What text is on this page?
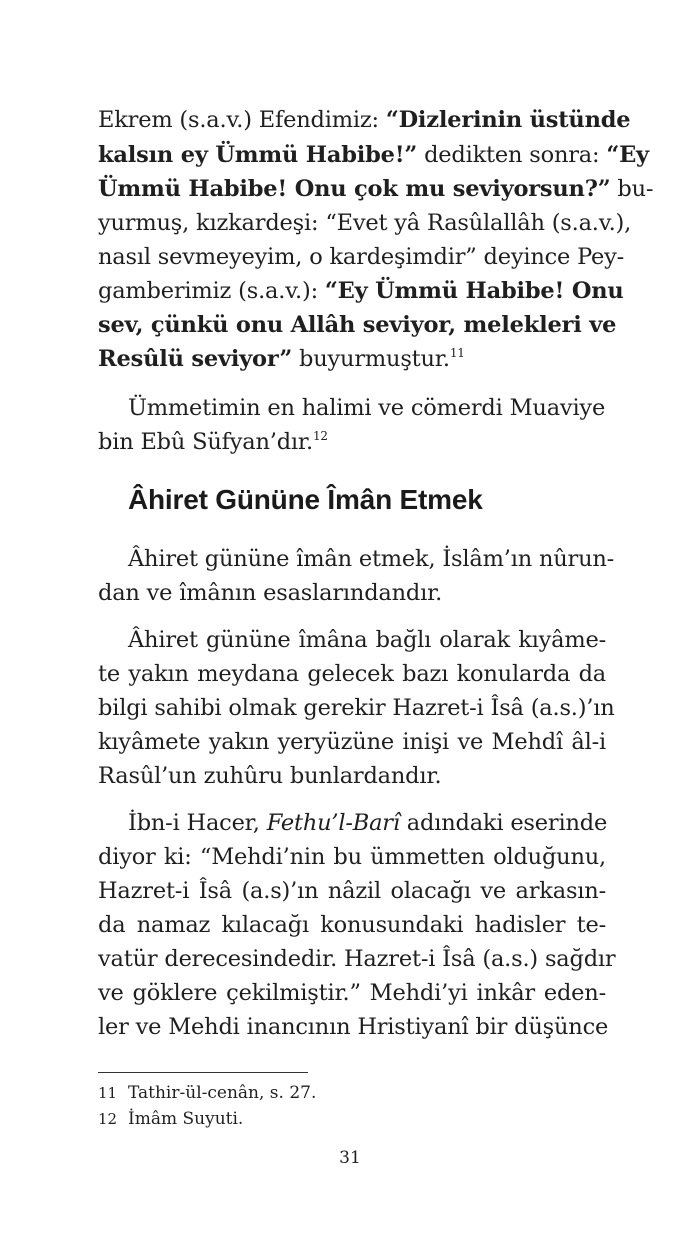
Ekrem (s.a.v.) Efendimiz: “Dizlerinin üstünde
kalsın ey Ümmü Habibe!” dedikten sonra: “Ey
Ümmü Habibe! Onu çok mu seviyorsun?” bu-
yurmuş, kızkardeşi: “Evet yâ Rasûlallâh (s.a.v.),
nasıl sevmeyeyim, o kardeşimdir” deyince Pey-
gamberimiz (s.a.v.): “Ey Ümmü Habibe! Onu
sev, çünkü onu Allâh seviyor, melekleri ve
Resûlü seviyor” buyurmuştur.$^{11}$
Ümmetimin en halimi ve cömerdi Muaviye
bin Ebû Süfyan’dır.$^{12}$
Âhiret Gününe Îmân Etmek
Âhiret gününe îmân etmek, İslâm’ın nûrun-
dan ve îmânın esaslarındandır.
Âhiret gününe îmâna bağlı olarak kıyâme-
te yakın meydana gelecek bazı konularda da
bilgi sahibi olmak gerekir Hazret-i Îsâ (a.s.)’ın
kıyâmete yakın yeryüzüne inişi ve Mehdî âl-i
Rasûl’un zuhûru bunlardandır.
İbn-i Hacer, Fethu’l-Barî adındaki eserinde
diyor ki: “Mehdi’nin bu ümmetten olduğunu,
Hazret-i Îsâ (a.s)’ın nâzil olacağı ve arkasın-
da namaz kılacağı konusundaki hadisler te-
vatür derecesindedir. Hazret-i Îsâ (a.s.) sağdır
ve göklere çekilmiştir.” Mehdi’yi inkâr eden-
ler ve Mehdi inancının Hristiyanî bir düşünce
11 Tathir-ül-cenân, s. 27.
12 İmâm Suyuti.
31
